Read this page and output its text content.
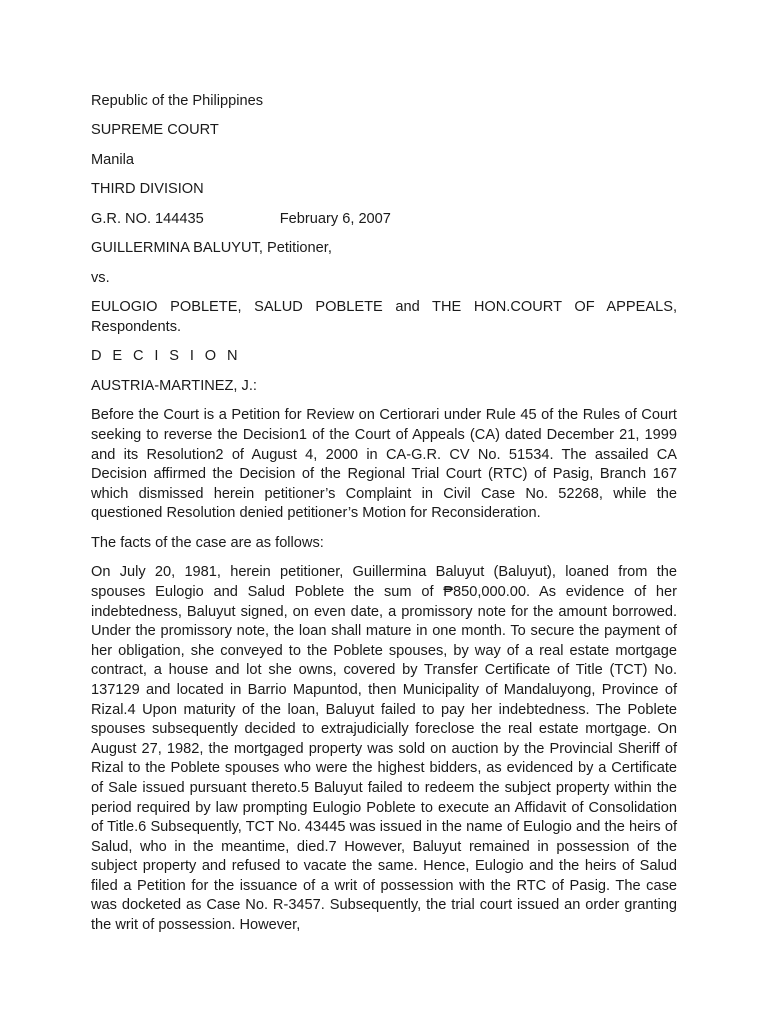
Republic of the Philippines

SUPREME COURT

Manila

THIRD DIVISION

G.R. NO. 144435	February 6, 2007

GUILLERMINA BALUYUT, Petitioner,

vs.

EULOGIO POBLETE, SALUD POBLETE and THE HON.COURT OF APPEALS, Respondents.

D E C I S I O N

AUSTRIA-MARTINEZ, J.:

Before the Court is a Petition for Review on Certiorari under Rule 45 of the Rules of Court seeking to reverse the Decision1 of the Court of Appeals (CA) dated December 21, 1999 and its Resolution2 of August 4, 2000 in CA-G.R. CV No. 51534. The assailed CA Decision affirmed the Decision of the Regional Trial Court (RTC) of Pasig, Branch 167 which dismissed herein petitioner’s Complaint in Civil Case No. 52268, while the questioned Resolution denied petitioner’s Motion for Reconsideration.

The facts of the case are as follows:

On July 20, 1981, herein petitioner, Guillermina Baluyut (Baluyut), loaned from the spouses Eulogio and Salud Poblete the sum of ₱850,000.00. As evidence of her indebtedness, Baluyut signed, on even date, a promissory note for the amount borrowed. Under the promissory note, the loan shall mature in one month. To secure the payment of her obligation, she conveyed to the Poblete spouses, by way of a real estate mortgage contract, a house and lot she owns, covered by Transfer Certificate of Title (TCT) No. 137129 and located in Barrio Mapuntod, then Municipality of Mandaluyong, Province of Rizal.4 Upon maturity of the loan, Baluyut failed to pay her indebtedness. The Poblete spouses subsequently decided to extrajudicially foreclose the real estate mortgage. On August 27, 1982, the mortgaged property was sold on auction by the Provincial Sheriff of Rizal to the Poblete spouses who were the highest bidders, as evidenced by a Certificate of Sale issued pursuant thereto.5 Baluyut failed to redeem the subject property within the period required by law prompting Eulogio Poblete to execute an Affidavit of Consolidation of Title.6 Subsequently, TCT No. 43445 was issued in the name of Eulogio and the heirs of Salud, who in the meantime, died.7 However, Baluyut remained in possession of the subject property and refused to vacate the same. Hence, Eulogio and the heirs of Salud filed a Petition for the issuance of a writ of possession with the RTC of Pasig. The case was docketed as Case No. R-3457. Subsequently, the trial court issued an order granting the writ of possession. However,
